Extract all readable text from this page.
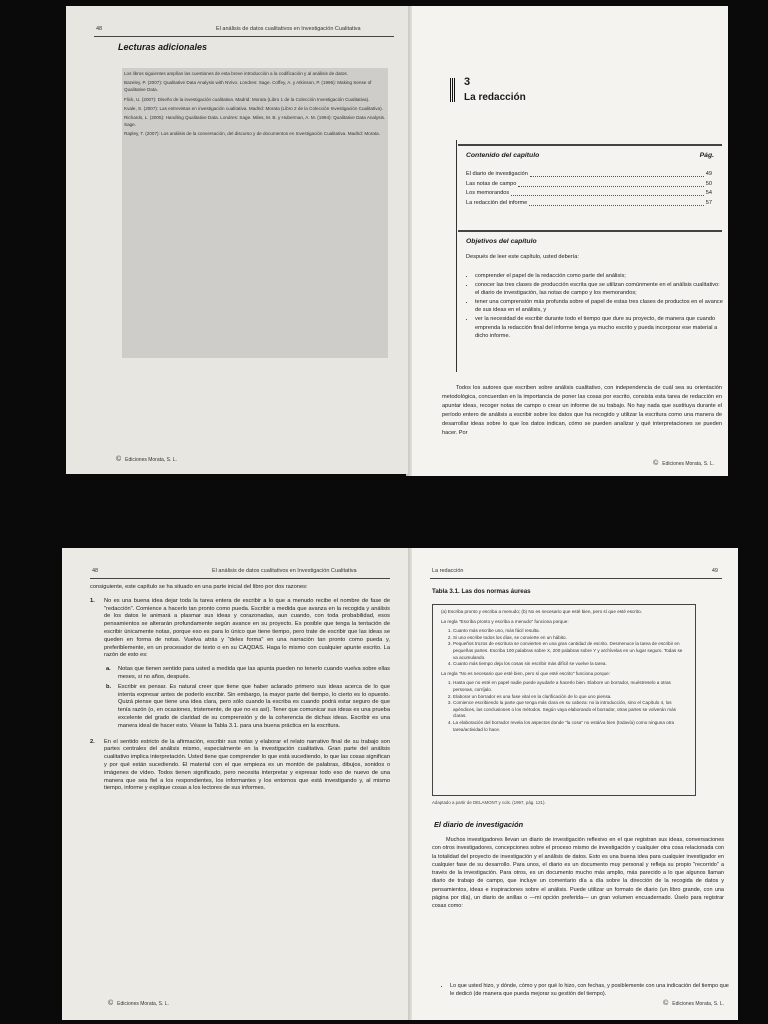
48	El análisis de datos cualitativos en Investigación Cualitativa
Lecturas adicionales

Los libros siguientes amplían las cuestiones de esta breve introducción a la codificación y al análisis de datos.

Bazeley, P. (2007): Qualitative Data Analysis with NVivo. Londres: Sage. Coffey, A. y Atkinson, P. (1996): Making Sense of Qualitative Data.

Flick, U. (2007): Diseño de la investigación cualitativa. Madrid: Morata (Libro 1 de la Colección Investigación Cualitativa).

Kvale, S. (2007): Las entrevistas en investigación cualitativa. Madrid: Morata (Libro 2 de la Colección Investigación Cualitativa).

Richards, L. (2005): Handling Qualitative Data. Londres: Sage. Miles, M. B. y Huberman, A. M. (1994): Qualitative Data Analysis. Sage.

Rapley, T. (2007): Los análisis de la conversación, del discurso y de documentos en Investigación Cualitativa. Madrid: Morata.

© Ediciones Morata, S. L.
3
La redacción
Contenido del capítulo	Pág.
El diario de investigación	49
Las notas de campo	50
Los memorandos	54
La redacción del informe	57
Objetivos del capítulo
Después de leer este capítulo, usted debería:
• comprender el papel de la redacción como parte del análisis;
• conocer las tres clases de producción escrita que se utilizan comúnmente en el análisis cualitativo: el diario de investigación, las notas de campo y los memorandos;
• tener una comprensión más profunda sobre el papel de estas tres clases de productos en el avance de sus ideas en el análisis, y
• ver la necesidad de escribir durante todo el tiempo que dure su proyecto, de manera que cuando emprenda la redacción final del informe tenga ya mucho escrito y pueda incorporar ese material a dicho informe.

Todos los autores que escriben sobre análisis cualitativo, con independencia de cuál sea su orientación metodológica, concuerdan en la importancia de poner las cosas por escrito, consista esta tarea de redacción en apuntar ideas, recoger notas de campo o crear un informe de su trabajo. No hay nada que sustituya durante el período entero de análisis a escribir sobre los datos que ha recogido y utilizar la escritura como una manera de desarrollar ideas sobre lo que los datos indican, cómo se pueden analizar y qué interpretaciones se pueden hacer. Por

© Ediciones Morata, S. L.
48	El análisis de datos cualitativos en Investigación Cualitativa

consiguiente, este capítulo se ha situado en una parte inicial del libro por dos razones:

1.	No es una buena idea dejar toda la tarea entera de escribir a lo que a menudo recibe el nombre de fase de "redacción". Comience a hacerlo tan pronto como pueda. Escribir a medida que avanza en la recogida y análisis de los datos le animará a plasmar sus ideas y corazonadas, aun cuando, con toda probabilidad, esos pensamientos se alterarán profundamente según avance en su proyecto. Es posible que tenga la tentación de escribir únicamente notas, porque eso es para lo único que tiene tiempo, pero trate de escribir que las ideas se queden en forma de notas. Vuelva atrás y "deles forma" en una narración tan pronto como pueda y, preferiblemente, en un procesador de texto o en su CAQDAS. Haga lo mismo con cualquier apunte escrito. La razón de esto es:
a.	Notas que tienen sentido para usted a medida que las apunta pueden no tenerlo cuando vuelva sobre ellas meses, si no años, después.
b.	Escribir es pensar. Es natural creer que tiene que haber aclarado primero sus ideas acerca de lo que intenta expresar antes de poderlo escribir. Sin embargo, la mayor parte del tiempo, lo cierto es lo opuesto. Quizá piense que tiene una idea clara, pero sólo cuando la escriba es cuando podrá estar seguro de que tenía razón (o, en ocasiones, tristemente, de que no es así). Tener que comunicar sus ideas es una prueba excelente del grado de claridad de su comprensión y de la coherencia de dichas ideas. Escribir es una manera ideal de hacer esto. Véase la Tabla 3.1. para una buena práctica en la escritura.
2.	En el sentido estricto de la afirmación, escribir sus notas y elaborar el relato narrativo final de su trabajo son partes centrales del análisis mismo, especialmente en la investigación cualitativa. Gran parte del análisis cualitativo implica interpretación. Usted tiene que comprender lo que está sucediendo, lo que las cosas significan y por qué están sucediendo. El material con el que empieza es un montón de palabras, dibujos, sonidos o imágenes de vídeo. Todos tienen significado, pero necesita interpretar y expresar todo eso de nuevo de una manera que sea fiel a los respondientes, los informantes y los entornos que está investigando y, al mismo tiempo, informe y explique cosas a los lectores de sus informes.
© Ediciones Morata, S. L.
La redacción	49
Tabla 3.1. Las dos normas áureas

(a) Escriba pronto y escriba a menudo; (b) No es necesario que esté bien, pero sí que esté escrito.

La regla "Escriba pronto y escriba a menudo" funciona porque:

1. Cuanto más escribe uno, más fácil resulta.
2. Si uno escribe todos los días, se convierte en un hábito.
3. Pequeños trozos de escritura se convierten en una gran cantidad de escrito. Desmenuce la tarea de escribir en pequeñas partes. Escriba 100 palabras sobre X, 200 palabras sobre Y y archívelas en un lugar seguro. Todas se va acumulando.
4. Cuanto más tiempo deja los cosas sin escribir más difícil se vuelve la tarea.

La regla "No es necesario que esté bien, pero sí que esté escrito" funciona porque:

1. Hasta que no esté en papel nadie puede ayudarle a hacerlo bien. Elabore un borrador, muéstreselo a otras personas, corríjalo.
2. Elaborar un borrador es una fase vital en la clarificación de lo que uno piensa.
3. Comience escribiendo la parte que tenga más clara en su cabeza: no la introducción, sino el Capítulo 4, los apéndices, las conclusiones o los métodos. Según vaya elaborando el borrador, otras partes se volverán más claras.
4. La elaboración del borrador revela los aspectos donde "la cosa" no está/va bien (todavía) como ninguna otra tarea/actividad lo hace.
Adaptado a partir de DELAMONT y cols. (1997, pág. 121).
El diario de investigación

Muchos investigadores llevan un diario de investigación reflexivo en el que registran sus ideas, conversaciones con otros investigadores, concepciones sobre el proceso mismo de investigación y cualquier otra cosa relacionada con la totalidad del proyecto de investigación y el análisis de datos. Esto es una buena idea para cualquier investigador en cualquier fase de su desarrollo. Para unos, el diario es un documento muy personal y refleja su propio "recorrido" a través de la investigación. Para otros, es un documento mucho más amplio, más parecido a lo que algunos llaman diario de trabajo de campo, que incluye un comentario día a día sobre la dirección de la recogida de datos y pensamientos, ideas e inspiraciones sobre el análisis. Puede utilizar un formato de diario (un libro grande, con una página por día), un diario de anillas o —mi opción preferida— un gran volumen encuadernado. Úselo para registrar cosas como:

• Lo que usted hizo, y dónde, cómo y por qué lo hizo, con fechas, y posiblemente con una indicación del tiempo que le dedicó (de manera que pueda mejorar su gestión del tiempo).
© Ediciones Morata, S. L.
